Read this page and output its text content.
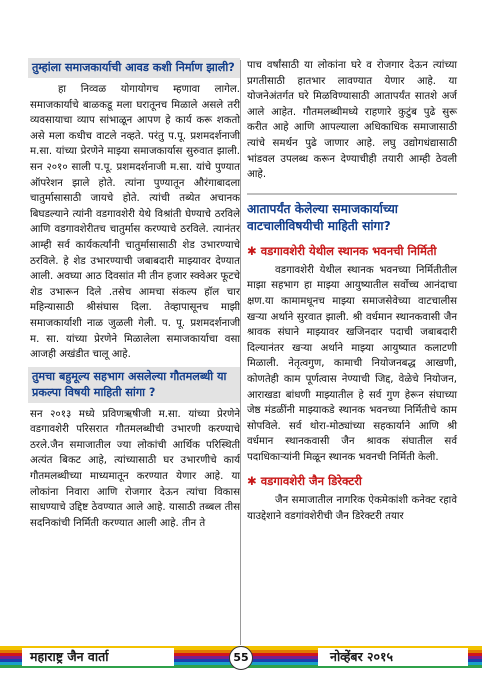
तुम्हांला समाजकार्याची आवड कशी निर्माण झाली?

हा निव्वळ योगायोगच म्हणावा लागेल. समाजकार्याचे बाळकडू मला घरातूनच मिळाले असले तरी व्यवसायाचा व्याप सांभाळून आपण हे कार्य करू शकतो असे मला कधीच वाटले नव्हते. परंतु प.पू. प्रशमदर्शनाजी म.सा. यांच्या प्रेरणेने माझ्या समाजकार्यास सुरुवात झाली. सन २०१० साली प.पू. प्रशमदर्शनाजी म.सा. यांचे पुण्यात ऑपरेशन झाले होते. त्यांना पुण्यातून औरंगाबादला चातुर्मासासाठी जायचे होते. त्यांची तब्येत अचानक बिघडल्याने त्यांनी वडगावशेरी येथे विश्रांती घेण्याचे ठरविले आणि वडगावशेरीतच चातुर्मास करण्याचे ठरविले. त्यानंतर आम्ही सर्व कार्यकर्त्यांनी चातुर्मासासाठी शेड उभारण्याचे ठरविले. हे शेड उभारण्याची जबाबदारी माझ्यावर देण्यात आली. अवघ्या आठ दिवसांत मी तीन हजार स्क्वेअर फूटचे शेड उभारून दिले .तसेच आमचा संकल्प हॉल चार महिन्यासाठी श्रीसंघास दिला. तेव्हापासूनच माझी समाजकार्याशी नाळ जुळली गेली. प. पू. प्रशमदर्शनाजी म. सा. यांच्या प्रेरणेने मिळालेला समाजकार्याचा वसा आजही अखंडीत चालू आहे.

तुमचा बहुमूल्य सहभाग असलेल्या गौतमलब्धी या प्रकल्पा विषयी माहिती सांगा ?

सन २०१३ मध्ये प्रविणऋषीजी म.सा. यांच्या प्रेरणेने वडगावशेरी परिसरात गौतमलब्धीची उभारणी करण्याचे ठरले.जैन समाजातील ज्या लोकांची आर्थिक परिस्थिती अत्यंत बिकट आहे, त्यांच्यासाठी घर उभारणीचे कार्य गौतमलब्धीच्या माध्यमातून करण्यात येणार आहे. या लोकांना निवारा आणि रोजगार देऊन त्यांचा विकास साधण्याचे उद्दिष्ट ठेवण्यात आले आहे. यासाठी तब्बल तीस सदनिकांची निर्मिती करण्यात आली आहे. तीन ते

पाच वर्षांसाठी या लोकांना घरे व रोजगार देऊन त्यांच्या प्रगतीसाठी हातभार लावण्यात येणार आहे. या योजनेअंतर्गत घरे मिळविण्यासाठी आतापर्यंत सातशे अर्ज आले आहेत. गौतमलब्धीमध्ये राहणारे कुटुंब पुढे सुरू करीत आहे आणि आपल्याला अधिकाधिक समाजासाठी त्यांचे समर्थन पुढे जाणार आहे. लघु उद्योगधंद्यासाठी भांडवल उपलब्ध करून देण्याचीही तयारी आम्ही ठेवली आहे.

आतापर्यंत केलेल्या समाजकार्याच्या वाटचालीविषयीची माहिती सांगा?
✱ वडगावशेरी येथील स्थानक भवनची निर्मिती

वडगावशेरी येथील स्थानक भवनच्या निर्मितीतील माझा सहभाग हा माझ्या आयुष्यातील सर्वोच्च आनंदाचा क्षण.या कामामधूनच माझ्या समाजसेवेच्या वाटचालीस खऱ्या अर्थाने सुरवात झाली. श्री वर्धमान स्थानकवासी जैन श्रावक संघाने माझ्यावर खजिनदार पदाची जबाबदारी दिल्यानंतर खऱ्या अर्थाने माझ्या आयुष्यात कलाटणी मिळाली. नेतृत्वगुण, कामाची नियोजनबद्ध आखणी, कोणतेही काम पूर्णत्वास नेण्याची जिद्द, वेळेचे नियोजन, आराखडा बांधणी माझ्यातील हे सर्व गुण हेरून संघाच्या जेष्ठ मंडळींनी माझ्याकडे स्थानक भवनच्या निर्मितीचे काम सोपविले. सर्व थोरा-मोठ्यांच्या सहकार्याने आणि श्री वर्धमान स्थानकवासी जैन श्रावक संघातील सर्व पदाधिकाऱ्यांनी मिळून स्थानक भवनची निर्मिती केली.

✱ वडगावशेरी जैन डिरेक्टरी

जैन समाजातील नागरिक ऐकमेकांशी कनेक्ट रहावे याउद्देशाने वडगांवशेरीची जैन डिरेक्टरी तयार

महाराष्ट्र जैन वार्ता	55	नोव्हेंबर २०१५
